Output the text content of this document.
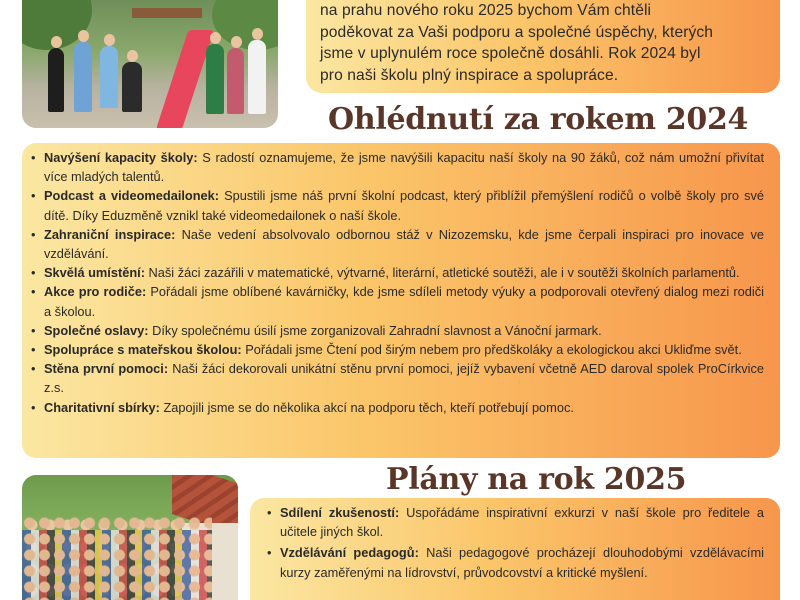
na prahu nového roku 2025 bychom Vám chtěli
poděkovat za Vaši podporu a společné úspěchy, kterých
jsme v uplynulém roce společně dosáhli. Rok 2024 byl
pro naši školu plný inspirace a spolupráce.

Ohlédnutí za rokem 2024
• Navýšení kapacity školy: S radostí oznamujeme, že jsme navýšili kapacitu naší školy na 90 žáků, což nám umožní přivítat více mladých talentů.
• Podcast a videomedailonek: Spustili jsme náš první školní podcast, který přiblížil přemýšlení rodičů o volbě školy pro své dítě. Díky Eduzměně vznikl také videomedailonek o naší škole.
• Zahraniční inspirace: Naše vedení absolvovalo odbornou stáž v Nizozemsku, kde jsme čerpali inspiraci pro inovace ve vzdělávání.
• Skvělá umístění: Naši žáci zazářili v matematické, výtvarné, literární, atletické soutěži, ale i v soutěži školních parlamentů.
• Akce pro rodiče: Pořádali jsme oblíbené kavárničky, kde jsme sdíleli metody výuky a podporovali otevřený dialog mezi rodiči a školou.
• Společné oslavy: Díky společnému úsilí jsme zorganizovali Zahradní slavnost a Vánoční jarmark.
• Spolupráce s mateřskou školou: Pořádali jsme Čtení pod širým nebem pro předškoláky a ekologickou akci Ukliďme svět.
• Stěna první pomoci: Naši žáci dekorovali unikátní stěnu první pomoci, jejíž vybavení včetně AED daroval spolek ProCírkvice z.s.
• Charitativní sbírky: Zapojili jsme se do několika akcí na podporu těch, kteří potřebují pomoc.
Plány na rok 2025
• Sdílení zkušeností: Uspořádáme inspirativní exkurzi v naší škole pro ředitele a učitele jiných škol.
• Vzdělávání pedagogů: Naši pedagogové procházejí dlouhodobými vzdělávacími kurzy zaměřenými na lídrovství, průvodcovství a kritické myšlení.
